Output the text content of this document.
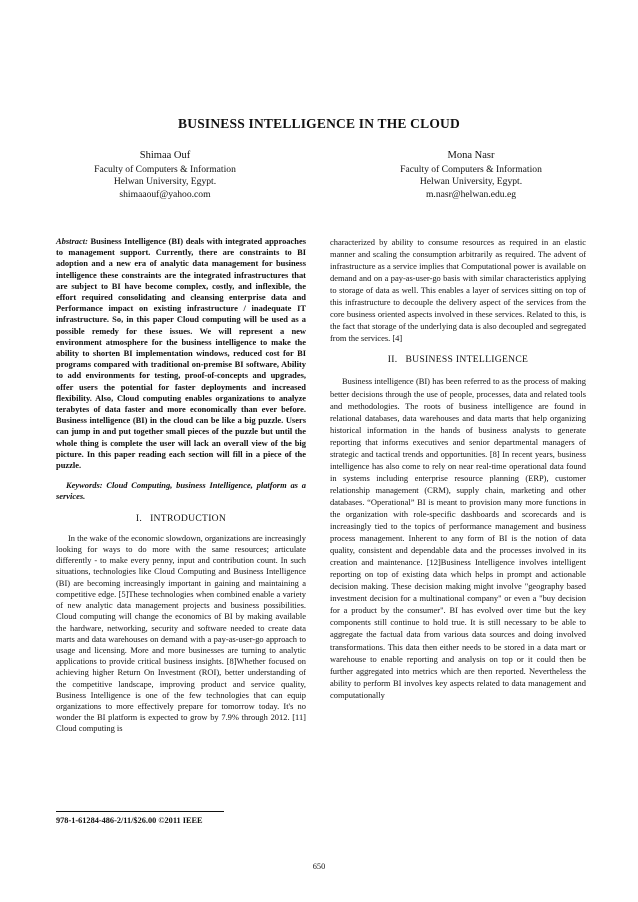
BUSINESS INTELLIGENCE IN THE CLOUD
Shimaa Ouf
Faculty of Computers & Information
Helwan University, Egypt.
shimaaouf@yahoo.com
Mona Nasr
Faculty of Computers & Information
Helwan University, Egypt.
m.nasr@helwan.edu.eg

Abstract: Business Intelligence (BI) deals with integrated approaches to management support. Currently, there are constraints to BI adoption and a new era of analytic data management for business intelligence these constraints are the integrated infrastructures that are subject to BI have become complex, costly, and inflexible, the effort required consolidating and cleansing enterprise data and Performance impact on existing infrastructure / inadequate IT infrastructure. So, in this paper Cloud computing will be used as a possible remedy for these issues. We will represent a new environment atmosphere for the business intelligence to make the ability to shorten BI implementation windows, reduced cost for BI programs compared with traditional on-premise BI software, Ability to add environments for testing, proof-of-concepts and upgrades, offer users the potential for faster deployments and increased flexibility. Also, Cloud computing enables organizations to analyze terabytes of data faster and more economically than ever before. Business intelligence (BI) in the cloud can be like a big puzzle. Users can jump in and put together small pieces of the puzzle but until the whole thing is complete the user will lack an overall view of the big picture. In this paper reading each section will fill in a piece of the puzzle.

Keywords: Cloud Computing, business Intelligence, platform as a services.

I. INTRODUCTION

In the wake of the economic slowdown, organizations are increasingly looking for ways to do more with the same resources; articulate differently - to make every penny, input and contribution count. In such situations, technologies like Cloud Computing and Business Intelligence (BI) are becoming increasingly important in gaining and maintaining a competitive edge. [5]These technologies when combined enable a variety of new analytic data management projects and business possibilities. Cloud computing will change the economics of BI by making available the hardware, networking, security and software needed to create data marts and data warehouses on demand with a pay-as-user-go approach to usage and licensing. More and more businesses are turning to analytic applications to provide critical business insights. [8]Whether focused on achieving higher Return On Investment (ROI), better understanding of the competitive landscape, improving product and service quality, Business Intelligence is one of the few technologies that can equip organizations to more effectively prepare for tomorrow today. It's no wonder the BI platform is expected to grow by 7.9% through 2012. [11] Cloud computing is

characterized by ability to consume resources as required in an elastic manner and scaling the consumption arbitrarily as required. The advent of infrastructure as a service implies that Computational power is available on demand and on a pay-as-user-go basis with similar characteristics applying to storage of data as well. This enables a layer of services sitting on top of this infrastructure to decouple the delivery aspect of the services from the core business oriented aspects involved in these services. Related to this, is the fact that storage of the underlying data is also decoupled and segregated from the services. [4]

II. BUSINESS INTELLIGENCE

Business intelligence (BI) has been referred to as the process of making better decisions through the use of people, processes, data and related tools and methodologies. The roots of business intelligence are found in relational databases, data warehouses and data marts that help organizing historical information in the hands of business analysts to generate reporting that informs executives and senior departmental managers of strategic and tactical trends and opportunities. [8] In recent years, business intelligence has also come to rely on near real-time operational data found in systems including enterprise resource planning (ERP), customer relationship management (CRM), supply chain, marketing and other databases. “Operational” BI is meant to provision many more functions in the organization with role-specific dashboards and scorecards and is increasingly tied to the topics of performance management and business process management. Inherent to any form of BI is the notion of data quality, consistent and dependable data and the processes involved in its creation and maintenance. [12]Business Intelligence involves intelligent reporting on top of existing data which helps in prompt and actionable decision making. These decision making might involve "geography based investment decision for a multinational company" or even a "buy decision for a product by the consumer". BI has evolved over time but the key components still continue to hold true. It is still necessary to be able to aggregate the factual data from various data sources and doing involved transformations. This data then either needs to be stored in a data mart or warehouse to enable reporting and analysis on top or it could then be further aggregated into metrics which are then reported. Nevertheless the ability to perform BI involves key aspects related to data management and computationally

978-1-61284-486-2/11/$26.00 ©2011 IEEE
650
